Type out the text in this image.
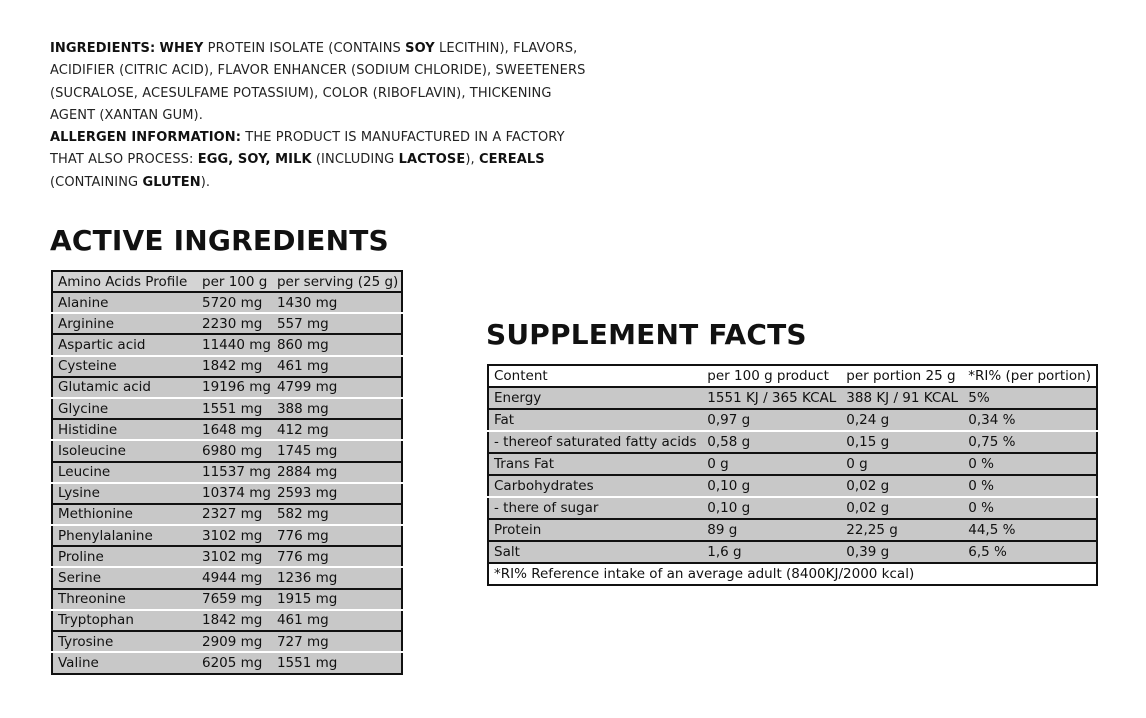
INGREDIENTS: WHEY PROTEIN ISOLATE (CONTAINS SOY LECITHIN), FLAVORS, ACIDIFIER (CITRIC ACID), FLAVOR ENHANCER (SODIUM CHLORIDE), SWEETENERS (SUCRALOSE, ACESULFAME POTASSIUM), COLOR (RIBOFLAVIN), THICKENING AGENT (XANTAN GUM).
ALLERGEN INFORMATION: THE PRODUCT IS MANUFACTURED IN A FACTORY THAT ALSO PROCESS: EGG, SOY, MILK (INCLUDING LACTOSE), CEREALS (CONTAINING GLUTEN).
ACTIVE INGREDIENTS
Amino Acids Profile	per 100 g	per serving (25 g)
Alanine	5720 mg	1430 mg
Arginine	2230 mg	557 mg
Aspartic acid	11440 mg	860 mg
Cysteine	1842 mg	461 mg
Glutamic acid	19196 mg	4799 mg
Glycine	1551 mg	388 mg
Histidine	1648 mg	412 mg
Isoleucine	6980 mg	1745 mg
Leucine	11537 mg	2884 mg
Lysine	10374 mg	2593 mg
Methionine	2327 mg	582 mg
Phenylalanine	3102 mg	776 mg
Proline	3102 mg	776 mg
Serine	4944 mg	1236 mg
Threonine	7659 mg	1915 mg
Tryptophan	1842 mg	461 mg
Tyrosine	2909 mg	727 mg
Valine	6205 mg	1551 mg
SUPPLEMENT FACTS
Content	per 100 g product	per portion 25 g	*RI% (per portion)
Energy	1551 KJ / 365 KCAL	388 KJ / 91 KCAL	5%
Fat	0,97 g	0,24 g	0,34 %
- thereof saturated fatty acids	0,58 g	0,15 g	0,75 %
Trans Fat	0 g	0 g	0 %
Carbohydrates	0,10 g	0,02 g	0 %
- there of sugar	0,10 g	0,02 g	0 %
Protein	89 g	22,25 g	44,5 %
Salt	1,6 g	0,39 g	6,5 %
*RI% Reference intake of an average adult (8400KJ/2000 kcal)			
